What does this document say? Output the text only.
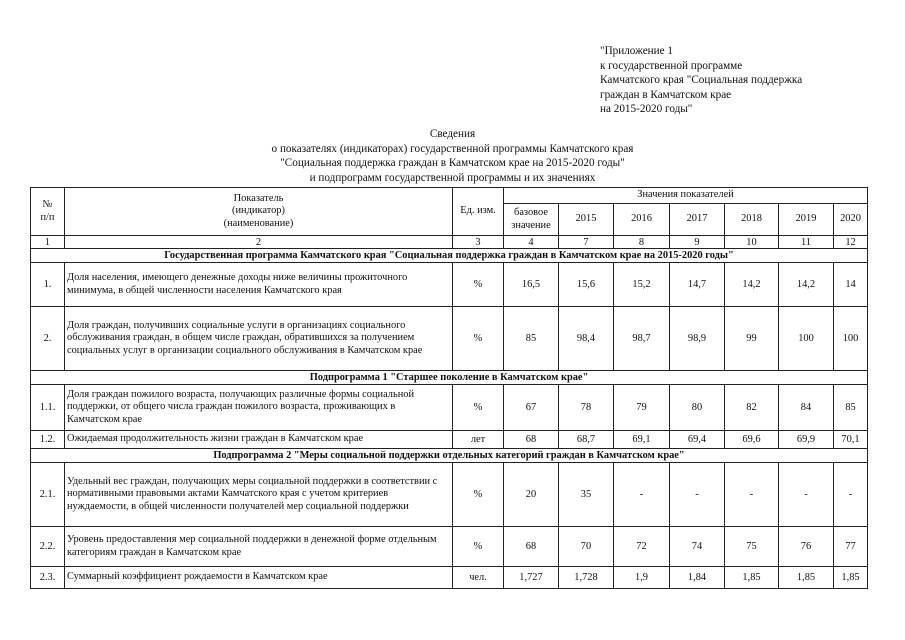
"Приложение 1
к государственной программе
Камчатского края "Социальная поддержка
граждан в Камчатском крае
на 2015-2020 годы"
Сведения
о показателях (индикаторах) государственной программы Камчатского края
"Социальная поддержка граждан в Камчатском крае на 2015-2020 годы"
и подпрограмм государственной программы и их значениях
№
п/п	Показатель
(индикатор)
(наименование)	Ед. изм.	Значения показателей						
			базовое значение	2015	2016	2017	2018	2019	2020
1	2	3	4	7	8	9	10	11	12
Государственная программа Камчатского края "Социальная поддержка граждан в Камчатском крае на 2015-2020 годы"									
1.	Доля населения, имеющего денежные доходы ниже величины прожиточного минимума, в общей численности населения Камчатского края	%	16,5	15,6	15,2	14,7	14,2	14,2	14
2.	Доля граждан, получивших социальные услуги в организациях социального обслуживания граждан, в общем числе граждан, обратившихся за получением социальных услуг в организации социального обслуживания в Камчатском крае	%	85	98,4	98,7	98,9	99	100	100
Подпрограмма 1 "Старшее поколение в Камчатском крае"									
1.1.	Доля граждан пожилого возраста, получающих различные формы социальной поддержки, от общего числа граждан пожилого возраста, проживающих в Камчатском крае	%	67	78	79	80	82	84	85
1.2.	Ожидаемая продолжительность жизни граждан в Камчатском крае	лет	68	68,7	69,1	69,4	69,6	69,9	70,1
Подпрограмма 2 "Меры социальной поддержки отдельных категорий граждан в Камчатском крае"									
2.1.	Удельный вес граждан, получающих меры социальной поддержки в соответствии с нормативными правовыми актами Камчатского края с учетом критериев нуждаемости, в общей численности получателей мер социальной поддержки	%	20	35	-	-	-	-	-
2.2.	Уровень предоставления мер социальной поддержки в денежной форме отдельным категориям граждан в Камчатском крае	%	68	70	72	74	75	76	77
2.3.	Суммарный коэффициент рождаемости в Камчатском крае	чел.	1,727	1,728	1,9	1,84	1,85	1,85	1,85
